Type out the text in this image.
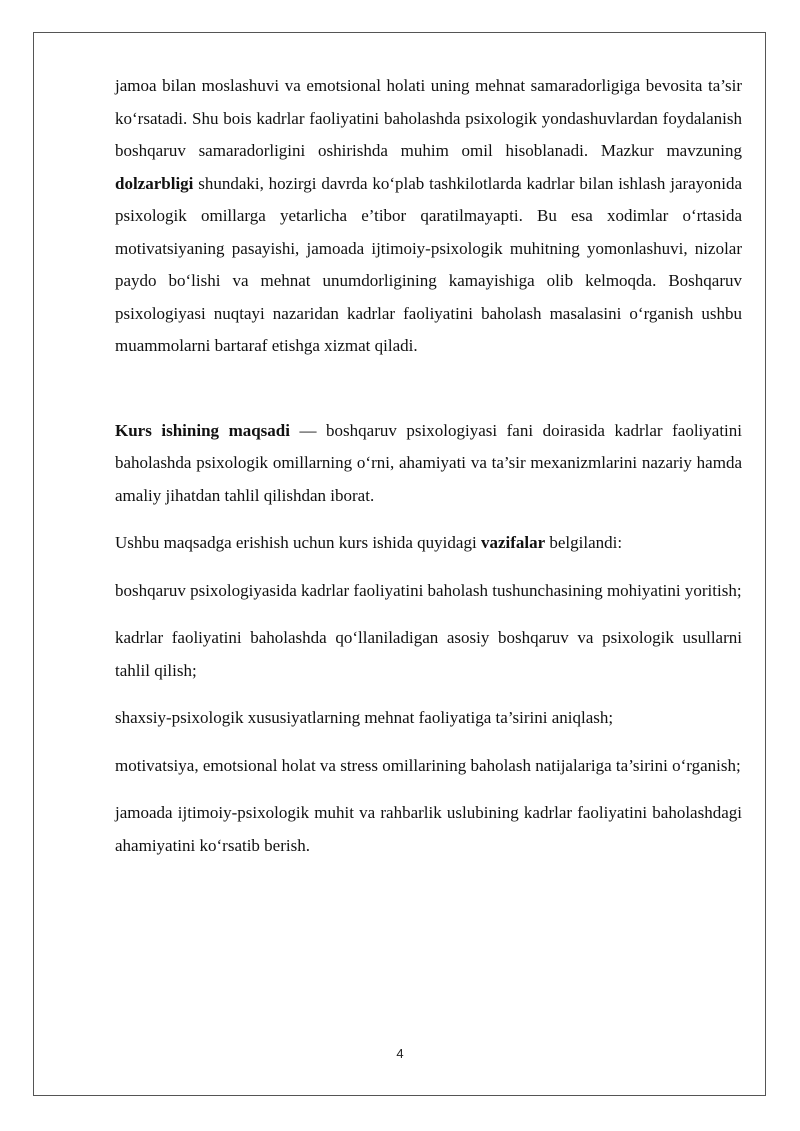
jamoa bilan moslashuvi va emotsional holati uning mehnat samaradorligiga bevosita ta’sir ko‘rsatadi. Shu bois kadrlar faoliyatini baholashda psixologik yondashuvlardan foydalanish boshqaruv samaradorligini oshirishda muhim omil hisoblanadi. Mazkur mavzuning dolzarbligi shundaki, hozirgi davrda ko‘plab tashkilotlarda kadrlar bilan ishlash jarayonida psixologik omillarga yetarlicha e’tibor qaratilmayapti. Bu esa xodimlar o‘rtasida motivatsiyaning pasayishi, jamoada ijtimoiy-psixologik muhitning yomonlashuvi, nizolar paydo bo‘lishi va mehnat unumdorligining kamayishiga olib kelmoqda. Boshqaruv psixologiyasi nuqtayi nazaridan kadrlar faoliyatini baholash masalasini o‘rganish ushbu muammolarni bartaraf etishga xizmat qiladi.

Kurs ishining maqsadi — boshqaruv psixologiyasi fani doirasida kadrlar faoliyatini baholashda psixologik omillarning o‘rni, ahamiyati va ta’sir mexanizmlarini nazariy hamda amaliy jihatdan tahlil qilishdan iborat.

Ushbu maqsadga erishish uchun kurs ishida quyidagi vazifalar belgilandi:

boshqaruv psixologiyasida kadrlar faoliyatini baholash tushunchasining mohiyatini yoritish;
kadrlar faoliyatini baholashda qo‘llaniladigan asosiy boshqaruv va psixologik usullarni tahlil qilish;
shaxsiy-psixologik xususiyatlarning mehnat faoliyatiga ta’sirini aniqlash;
motivatsiya, emotsional holat va stress omillarining baholash natijalariga ta’sirini o‘rganish;
jamoada ijtimoiy-psixologik muhit va rahbarlik uslubining kadrlar faoliyatini baholashdagi ahamiyatini ko‘rsatib berish.
4
